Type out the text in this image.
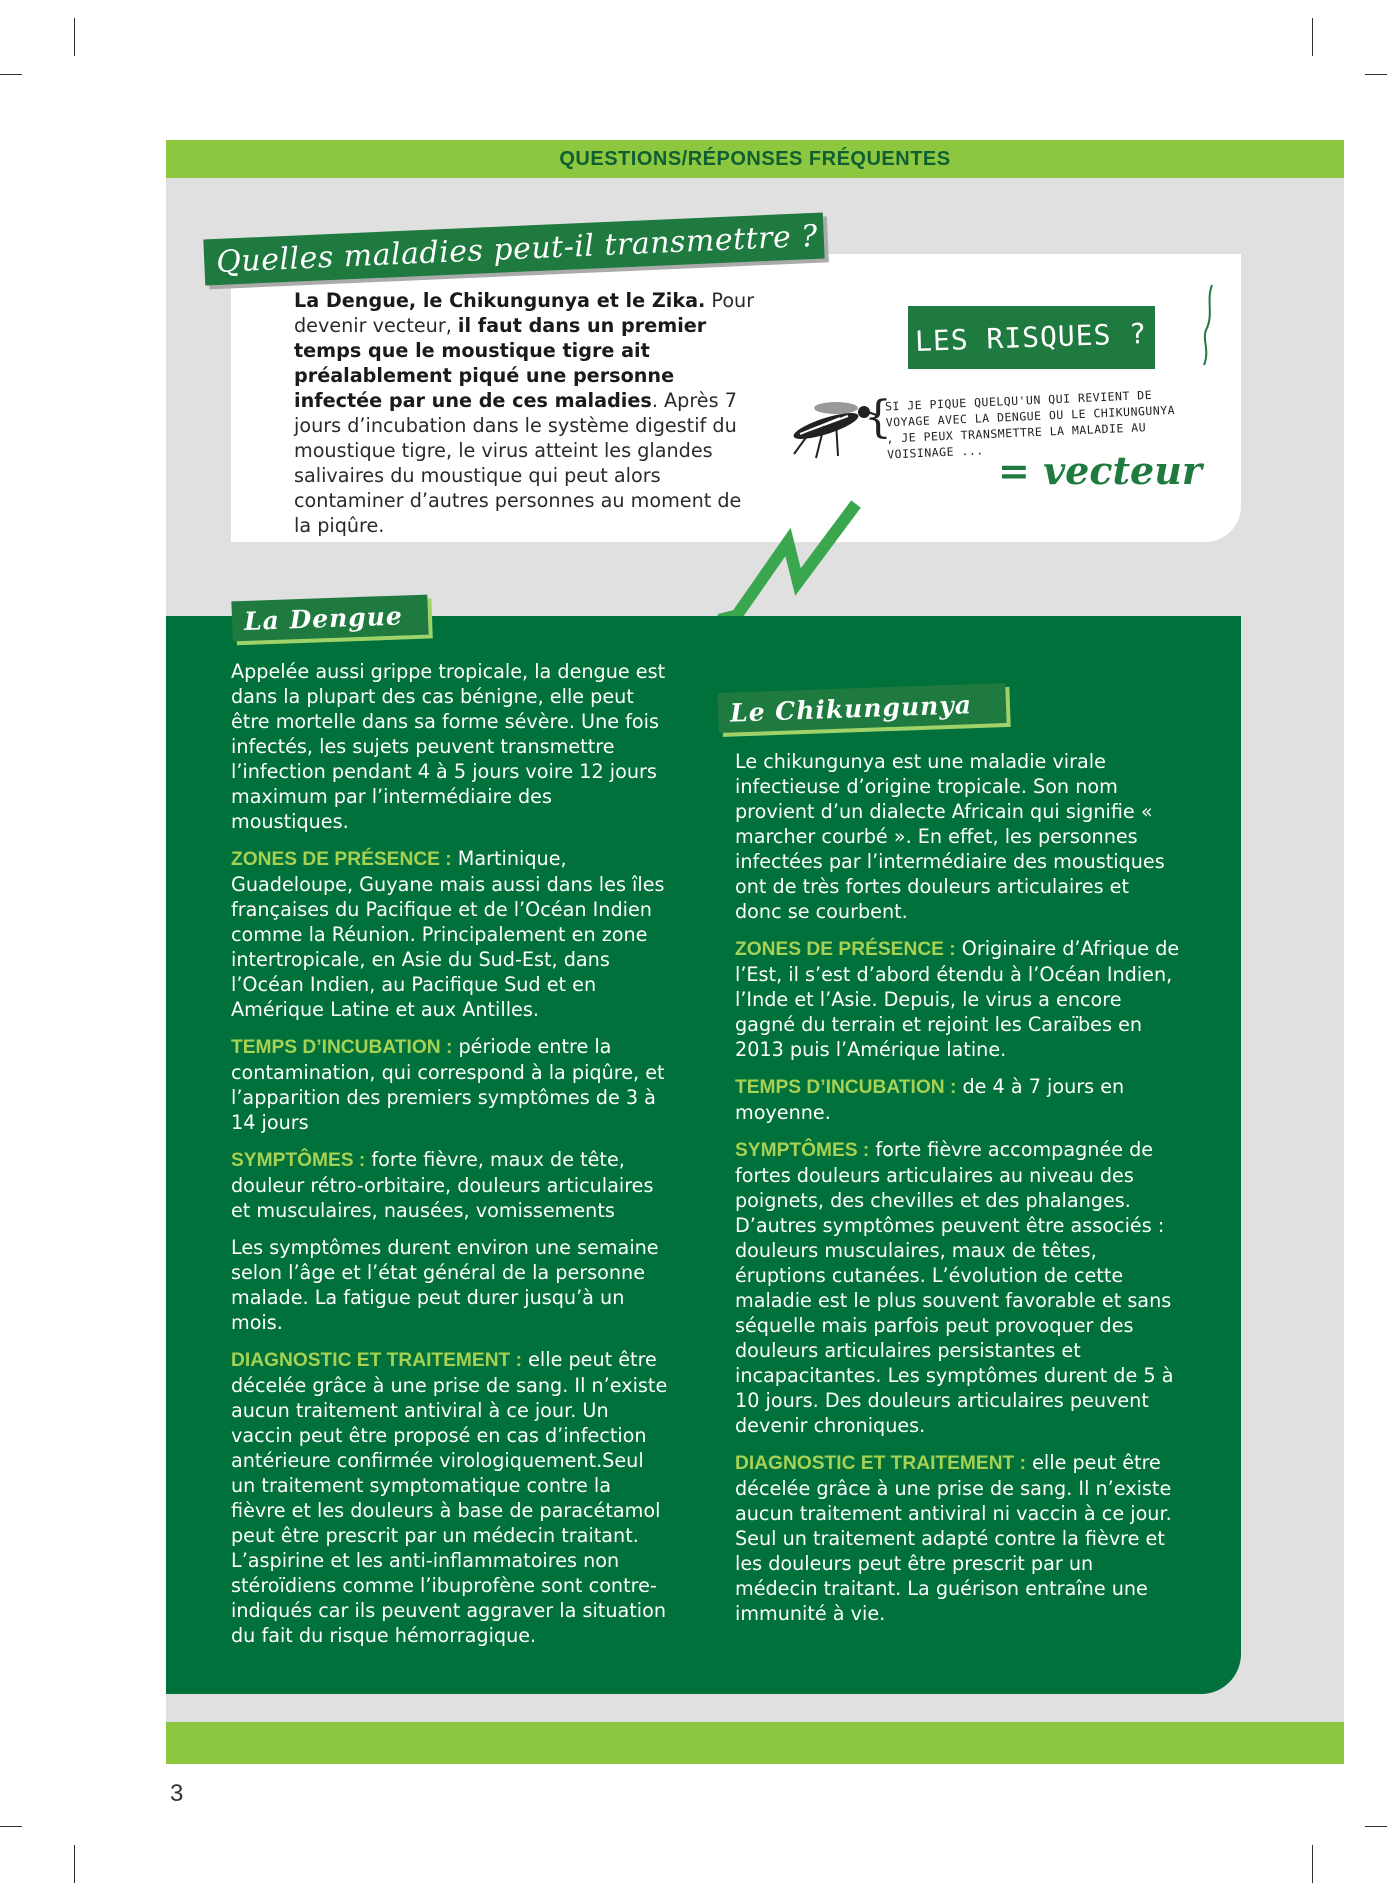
QUESTIONS/RÉPONSES FRÉQUENTES
Quelles maladies peut-il transmettre ?
La Dengue, le Chikungunya et le Zika. Pour devenir vecteur, il faut dans un premier temps que le moustique tigre ait préalablement piqué une personne infectée par une de ces maladies. Après 7 jours d’incubation dans le système digestif du moustique tigre, le virus atteint les glandes salivaires du moustique qui peut alors contaminer d’autres personnes au moment de la piqûre.
LES RISQUES ?
{
SI JE PIQUE QUELQU'UN QUI REVIENT DE VOYAGE AVEC LA DENGUE OU LE CHIKUNGUNYA , JE PEUX TRANSMETTRE LA MALADIE AU VOISINAGE ... = vecteur
La Dengue

Appelée aussi grippe tropicale, la dengue est dans la plupart des cas bénigne, elle peut être mortelle dans sa forme sévère. Une fois infectés, les sujets peuvent transmettre l’infection pendant 4 à 5 jours voire 12 jours maximum par l’intermédiaire des moustiques.

ZONES DE PRÉSENCE : Martinique, Guadeloupe, Guyane mais aussi dans les îles françaises du Pacifique et de l’Océan Indien comme la Réunion. Principalement en zone intertropicale, en Asie du Sud-Est, dans l’Océan Indien, au Pacifique Sud et en Amérique Latine et aux Antilles.

TEMPS D’INCUBATION : période entre la contamination, qui correspond à la piqûre, et l’apparition des premiers symptômes de 3 à 14 jours

SYMPTÔMES : forte fièvre, maux de tête, douleur rétro-orbitaire, douleurs articulaires et musculaires, nausées, vomissements

Les symptômes durent environ une semaine selon l’âge et l’état général de la personne malade. La fatigue peut durer jusqu’à un mois.

DIAGNOSTIC ET TRAITEMENT : elle peut être décelée grâce à une prise de sang. Il n’existe aucun traitement antiviral à ce jour. Un vaccin peut être proposé en cas d’infection antérieure confirmée virologiquement.Seul un traitement symptomatique contre la fièvre et les douleurs à base de paracétamol peut être prescrit par un médecin traitant. L’aspirine et les anti-inflammatoires non stéroïdiens comme l’ibuprofène sont contre-indiqués car ils peuvent aggraver la situation du fait du risque hémorragique.

Le Chikungunya

Le chikungunya est une maladie virale infectieuse d’origine tropicale. Son nom provient d’un dialecte Africain qui signifie « marcher courbé ». En effet, les personnes infectées par l’intermédiaire des moustiques ont de très fortes douleurs articulaires et donc se courbent.

ZONES DE PRÉSENCE : Originaire d’Afrique de l’Est, il s’est d’abord étendu à l’Océan Indien, l’Inde et l’Asie. Depuis, le virus a encore gagné du terrain et rejoint les Caraïbes en 2013 puis l’Amérique latine.

TEMPS D’INCUBATION : de 4 à 7 jours en moyenne.

SYMPTÔMES : forte fièvre accompagnée de fortes douleurs articulaires au niveau des poignets, des chevilles et des phalanges. D’autres symptômes peuvent être associés : douleurs musculaires, maux de têtes, éruptions cutanées. L’évolution de cette maladie est le plus souvent favorable et sans séquelle mais parfois peut provoquer des douleurs articulaires persistantes et incapacitantes. Les symptômes durent de 5 à 10 jours. Des douleurs articulaires peuvent devenir chroniques.

DIAGNOSTIC ET TRAITEMENT : elle peut être décelée grâce à une prise de sang. Il n’existe aucun traitement antiviral ni vaccin à ce jour. Seul un traitement adapté contre la fièvre et les douleurs peut être prescrit par un médecin traitant. La guérison entraîne une immunité à vie.

3
